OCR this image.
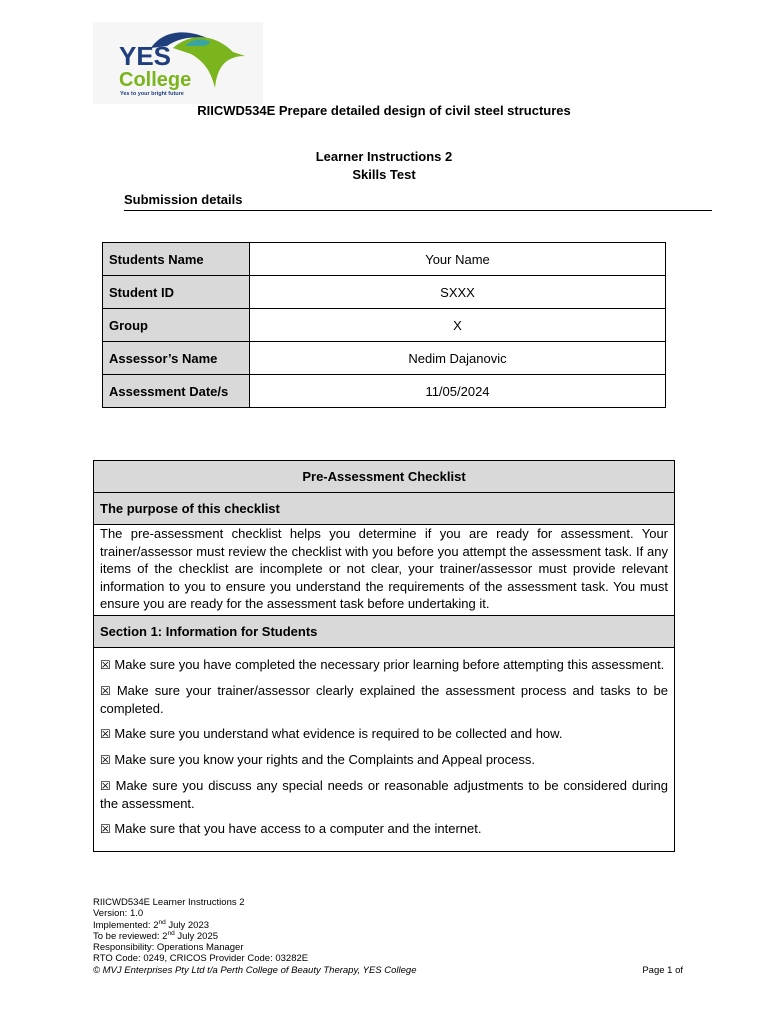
YES
College
Yes to your bright future
RIICWD534E Prepare detailed design of civil steel structures
Learner Instructions 2
Skills Test
Submission details
Students Name	Your Name
Student ID	SXXX
Group	X
Assessor’s Name	Nedim Dajanovic
Assessment Date/s	11/05/2024
Pre-Assessment Checklist
The purpose of this checklist
The pre-assessment checklist helps you determine if you are ready for assessment. Your trainer/assessor must review the checklist with you before you attempt the assessment task. If any items of the checklist are incomplete or not clear, your trainer/assessor must provide relevant information to you to ensure you understand the requirements of the assessment task. You must ensure you are ready for the assessment task before undertaking it.
Section 1: Information for Students
☒ Make sure you have completed the necessary prior learning before attempting this assessment.
☒ Make sure your trainer/assessor clearly explained the assessment process and tasks to be completed.
☒ Make sure you understand what evidence is required to be collected and how.
☒ Make sure you know your rights and the Complaints and Appeal process.
☒ Make sure you discuss any special needs or reasonable adjustments to be considered during the assessment.
☒ Make sure that you have access to a computer and the internet.
RIICWD534E Learner Instructions 2
Version: 1.0
Implemented: 2nd July 2023
To be reviewed: 2nd July 2025
Responsibility: Operations Manager
RTO Code: 0249, CRICOS Provider Code: 03282E
© MVJ Enterprises Pty Ltd t/a Perth College of Beauty Therapy, YES College	Page 1 of
